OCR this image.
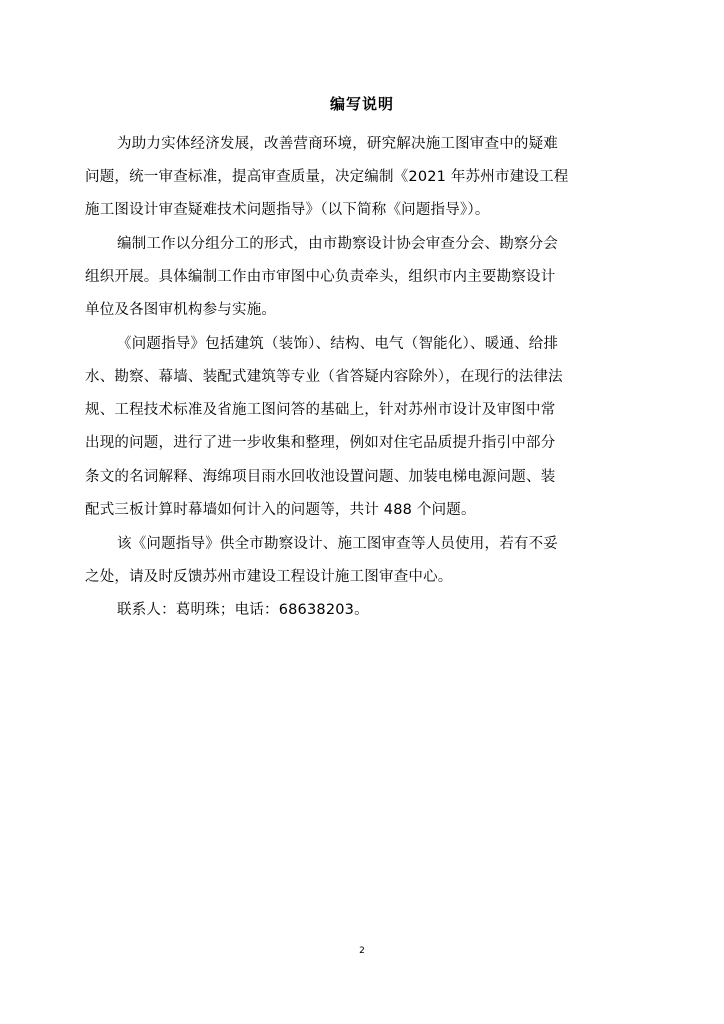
编写说明
为助力实体经济发展，改善营商环境，研究解决施工图审查中的疑难
问题，统一审查标准，提高审查质量，决定编制《2021 年苏州市建设工程
施工图设计审查疑难技术问题指导》（以下简称《问题指导》）。
编制工作以分组分工的形式，由市勘察设计协会审查分会、勘察分会
组织开展。具体编制工作由市审图中心负责牵头，组织市内主要勘察设计
单位及各图审机构参与实施。
《问题指导》包括建筑（装饰）、结构、电气（智能化）、暖通、给排
水、勘察、幕墙、装配式建筑等专业（省答疑内容除外），在现行的法律法
规、工程技术标准及省施工图问答的基础上，针对苏州市设计及审图中常
出现的问题，进行了进一步收集和整理，例如对住宅品质提升指引中部分
条文的名词解释、海绵项目雨水回收池设置问题、加装电梯电源问题、装
配式三板计算时幕墙如何计入的问题等，共计 488 个问题。
该《问题指导》供全市勘察设计、施工图审查等人员使用，若有不妥
之处，请及时反馈苏州市建设工程设计施工图审查中心。
联系人：葛明珠；电话：68638203。
2
